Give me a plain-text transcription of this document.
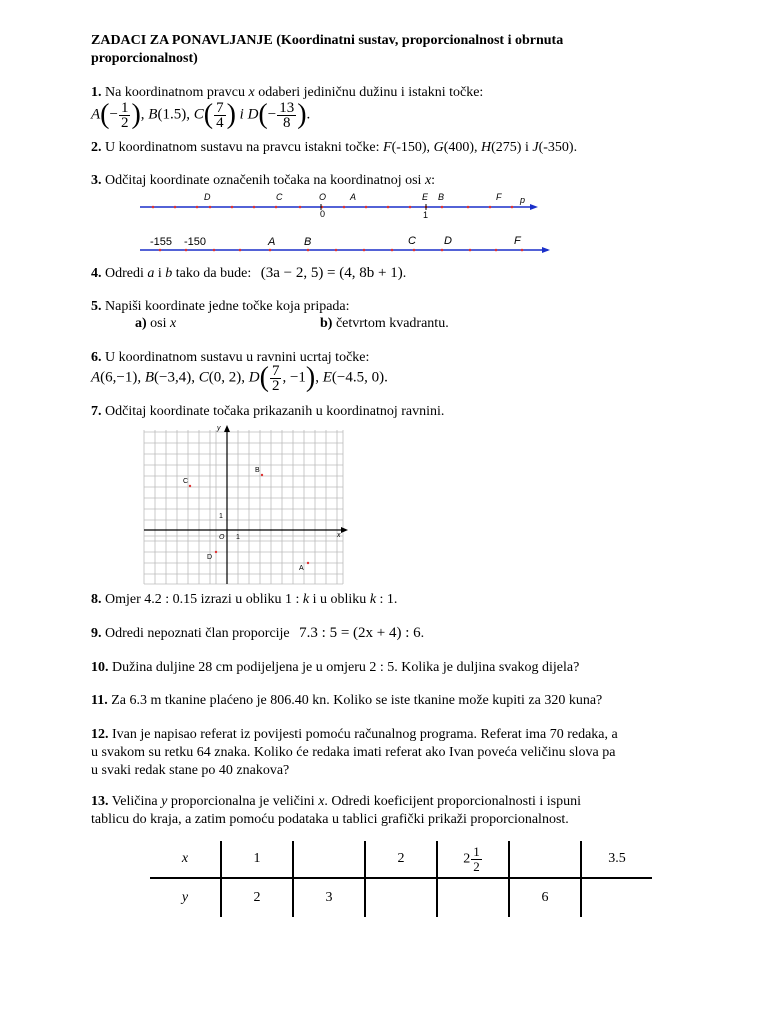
ZADACI ZA PONAVLJANJE (Koordinatni sustav, proporcionalnost i obrnuta
proporcionalnost)

1. Na koordinatnom pravcu x odaberi jediničnu dužinu i istakni točke:
$A(- \frac{1}{2}$ ), B(1.5), $C( \frac{7}{4}$ ) i $D(- \frac{13}{8}$ ).
2. U koordinatnom sustavu na pravcu istakni točke: F(-150), G(400), H(275) i J(-350).
3. Odčitaj koordinate označenih točaka na koordinatnoj osi x:
D	C	O	A	E B	F p
0	1
-155 -150	A	B	C	D	F
4. Odredi a i b tako da bude: (3a − 2, 5) = (4, 8b + 1).
5. Napiši koordinate jedne točke koja pripada:
a) osi x	b) četvrtom kvadrantu.
6. U koordinatnom sustavu u ravnini ucrtaj točke:
A(6,−1), B(−3,4), C(0, 2), $D( \frac{7}{2}$ , −1), E(−4.5, 0).
7. Odčitaj koordinate točaka prikazanih u koordinatnoj ravnini.
y
x
O 1
1
A
B
C
D
8. Omjer 4.2 : 0.15 izrazi u obliku 1 : k i u obliku k : 1.
9. Odredi nepoznati član proporcije 7.3 : 5 = (2x + 4) : 6.
10. Dužina duljine 28 cm podijeljena je u omjeru 2 : 5. Kolika je duljina svakog dijela?
11. Za 6.3 m tkanine plaćeno je 806.40 kn. Koliko se iste tkanine može kupiti za 320 kuna?
12. Ivan je napisao referat iz povijesti pomoću računalnog programa. Referat ima 70 redaka, a
u svakom su retku 64 znaka. Koliko će redaka imati referat ako Ivan poveća veličinu slova pa
u svaki redak stane po 40 znakova?
13. Veličina y proporcionalna je veličini x. Odredi koeficijent proporcionalnosti i ispuni
tablicu do kraja, a zatim pomoću podataka u tablici grafički prikaži proporcionalnost.
x	1		2	$2 \frac{1}{2}$		3.5
y	2	3			6	
